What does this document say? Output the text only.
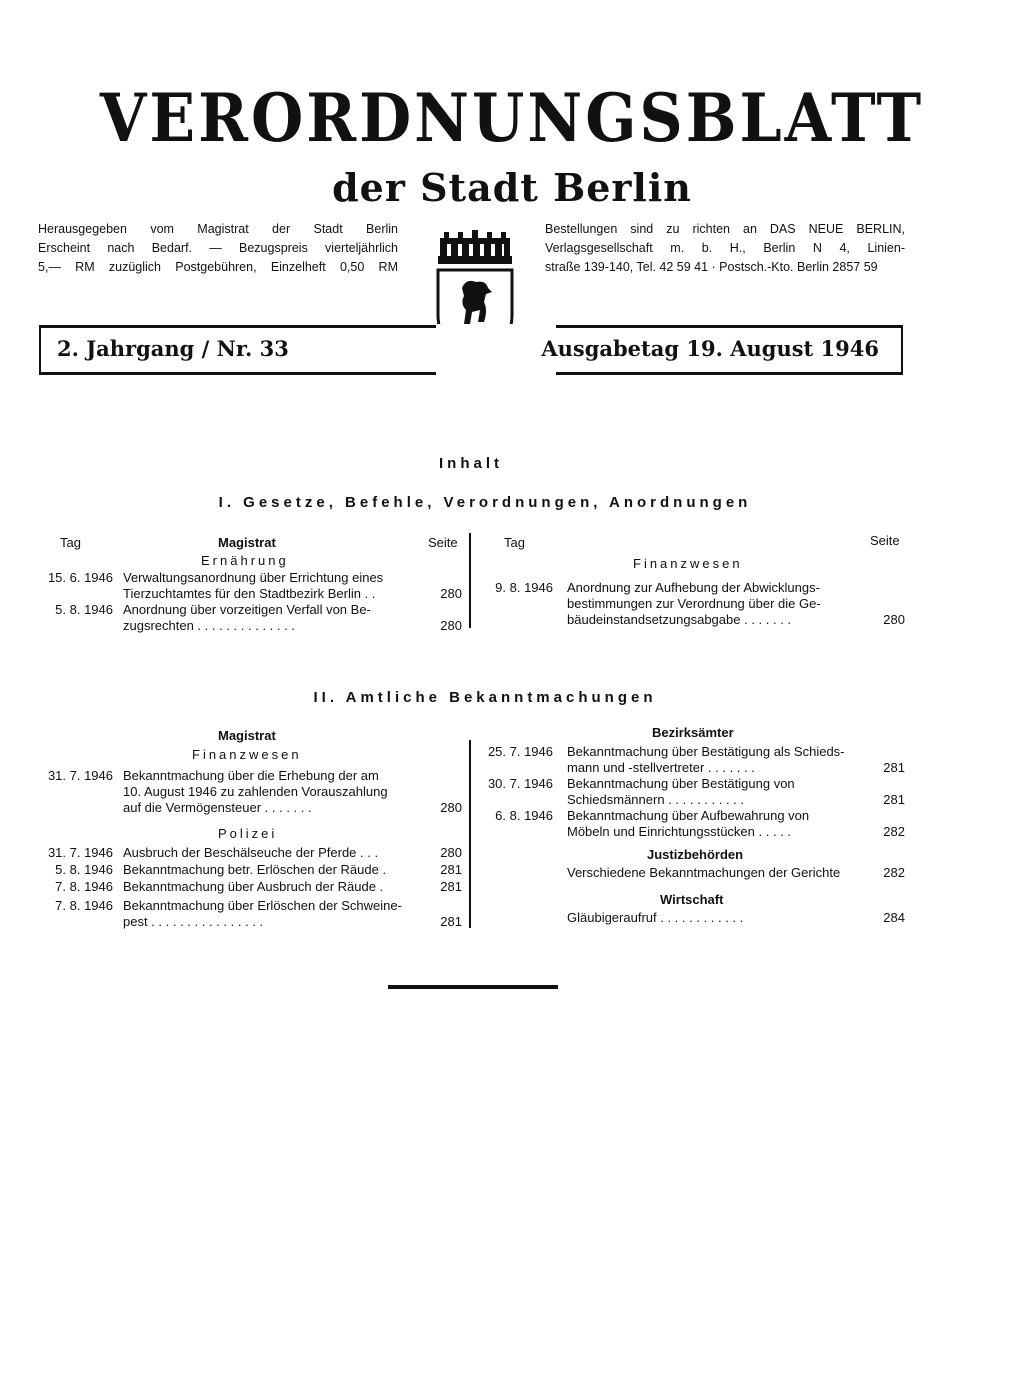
VERORDNUNGSBLATT
der Stadt Berlin
Herausgegeben vom Magistrat der Stadt Berlin
Erscheint nach Bedarf. — Bezugspreis vierteljährlich
5,— RM zuzüglich Postgebühren, Einzelheft 0,50 RM
Bestellungen sind zu richten an DAS NEUE BERLIN,
Verlagsgesellschaft m. b. H., Berlin N 4, Linien-
straße 139-140, Tel. 42 59 41 · Postsch.-Kto. Berlin 2857 59
2. Jahrgang / Nr. 33	Ausgabetag 19. August 1946
Inhalt
I. Gesetze, Befehle, Verordnungen, Anordnungen
Tag	Magistrat	Seite	Tag	Seite
Ernährung	Finanzwesen
15. 6. 1946 Verwaltungsanordnung über Errichtung eines
Tierzuchtamtes für den Stadtbezirk Berlin . .	280
5. 8. 1946 Anordnung über vorzeitigen Verfall von Be-
zugsrechten . . . . . . . . . . . . . .	280
9. 8. 1946 Anordnung zur Aufhebung der Abwicklungs-
bestimmungen zur Verordnung über die Ge-
bäudeinstandsetzungsabgabe . . . . . . .	280
II. Amtliche Bekanntmachungen
Magistrat
Finanzwesen
Bezirksämter
31. 7. 1946 Bekanntmachung über die Erhebung der am
10. August 1946 zu zahlenden Vorauszahlung
auf die Vermögensteuer . . . . . . .	280
Polizei
31. 7. 1946 Ausbruch der Beschälseuche der Pferde . . .	280
5. 8. 1946 Bekanntmachung betr. Erlöschen der Räude .	281
7. 8. 1946 Bekanntmachung über Ausbruch der Räude .	281
7. 8. 1946 Bekanntmachung über Erlöschen der Schweine-
pest . . . . . . . . . . . . . . . .	281
25. 7. 1946 Bekanntmachung über Bestätigung als Schieds-
mann und -stellvertreter . . . . . . .	281
30. 7. 1946 Bekanntmachung über Bestätigung von
Schiedsmännern . . . . . . . . . . .	281
6. 8. 1946 Bekanntmachung über Aufbewahrung von
Möbeln und Einrichtungsstücken . . . . .	282
Justizbehörden
Verschiedene Bekanntmachungen der Gerichte	282
Wirtschaft
Gläubigeraufruf . . . . . . . . . . . .	284
